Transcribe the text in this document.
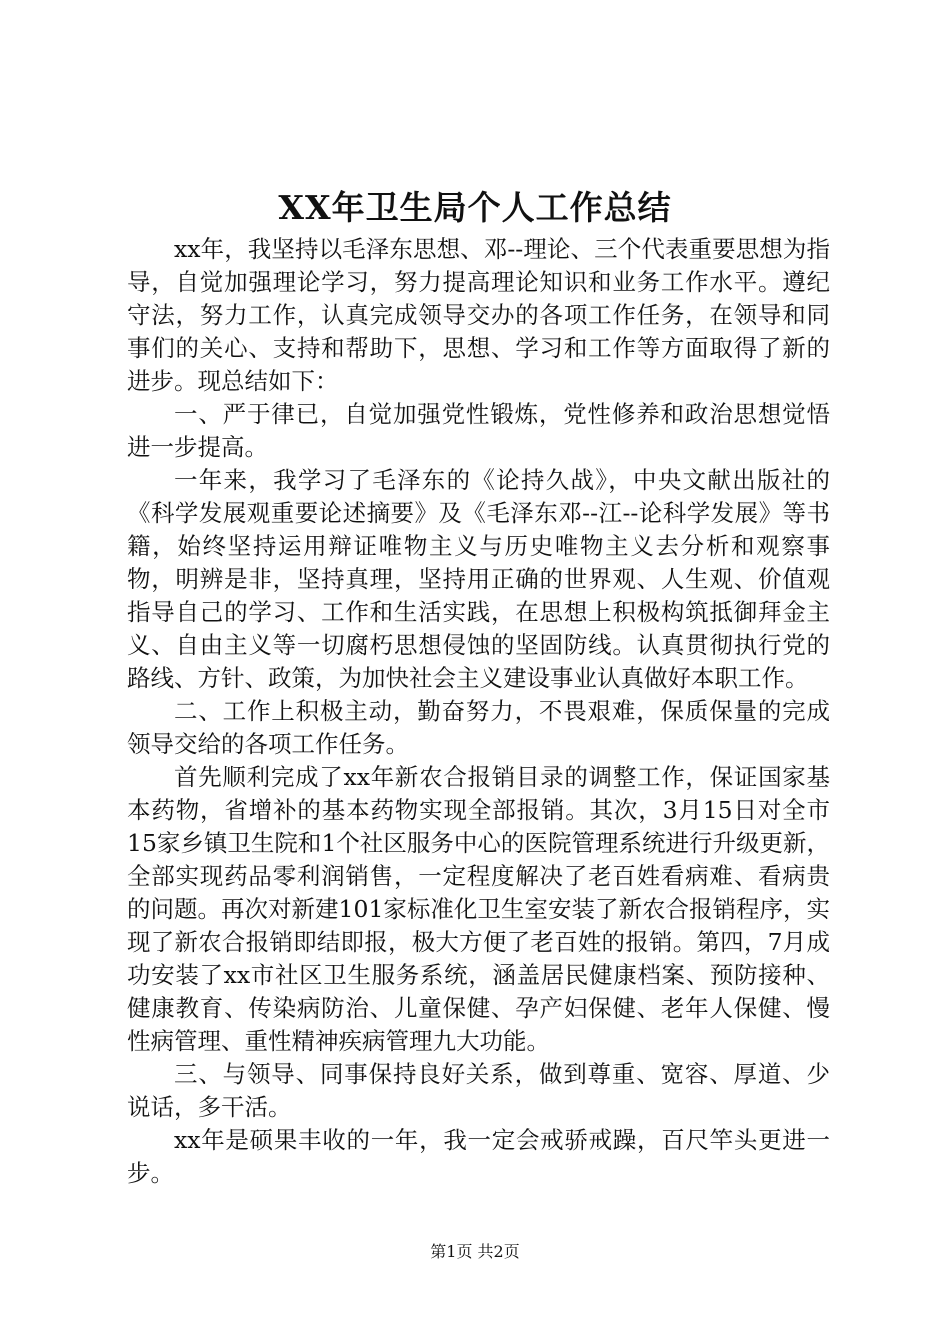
XX年卫生局个人工作总结

xx年，我坚持以毛泽东思想、邓--理论、三个代表重要思想为指导，自觉加强理论学习，努力提高理论知识和业务工作水平。遵纪守法，努力工作，认真完成领导交办的各项工作任务，在领导和同事们的关心、支持和帮助下，思想、学习和工作等方面取得了新的进步。现总结如下：

一、严于律已，自觉加强党性锻炼，党性修养和政治思想觉悟进一步提高。

一年来，我学习了毛泽东的《论持久战》，中央文献出版社的《科学发展观重要论述摘要》及《毛泽东邓--江--论科学发展》等书籍，始终坚持运用辩证唯物主义与历史唯物主义去分析和观察事物，明辨是非，坚持真理，坚持用正确的世界观、人生观、价值观指导自己的学习、工作和生活实践，在思想上积极构筑抵御拜金主义、自由主义等一切腐朽思想侵蚀的坚固防线。认真贯彻执行党的路线、方针、政策，为加快社会主义建设事业认真做好本职工作。

二、工作上积极主动，勤奋努力，不畏艰难，保质保量的完成领导交给的各项工作任务。

首先顺利完成了xx年新农合报销目录的调整工作，保证国家基本药物，省增补的基本药物实现全部报销。其次，3月15日对全市15家乡镇卫生院和1个社区服务中心的医院管理系统进行升级更新，全部实现药品零利润销售，一定程度解决了老百姓看病难、看病贵的问题。再次对新建101家标准化卫生室安装了新农合报销程序，实现了新农合报销即结即报，极大方便了老百姓的报销。第四，7月成功安装了xx市社区卫生服务系统，涵盖居民健康档案、预防接种、健康教育、传染病防治、儿童保健、孕产妇保健、老年人保健、慢性病管理、重性精神疾病管理九大功能。

三、与领导、同事保持良好关系，做到尊重、宽容、厚道、少说话，多干活。

xx年是硕果丰收的一年，我一定会戒骄戒躁，百尺竿头更进一步。

第1页 共2页
